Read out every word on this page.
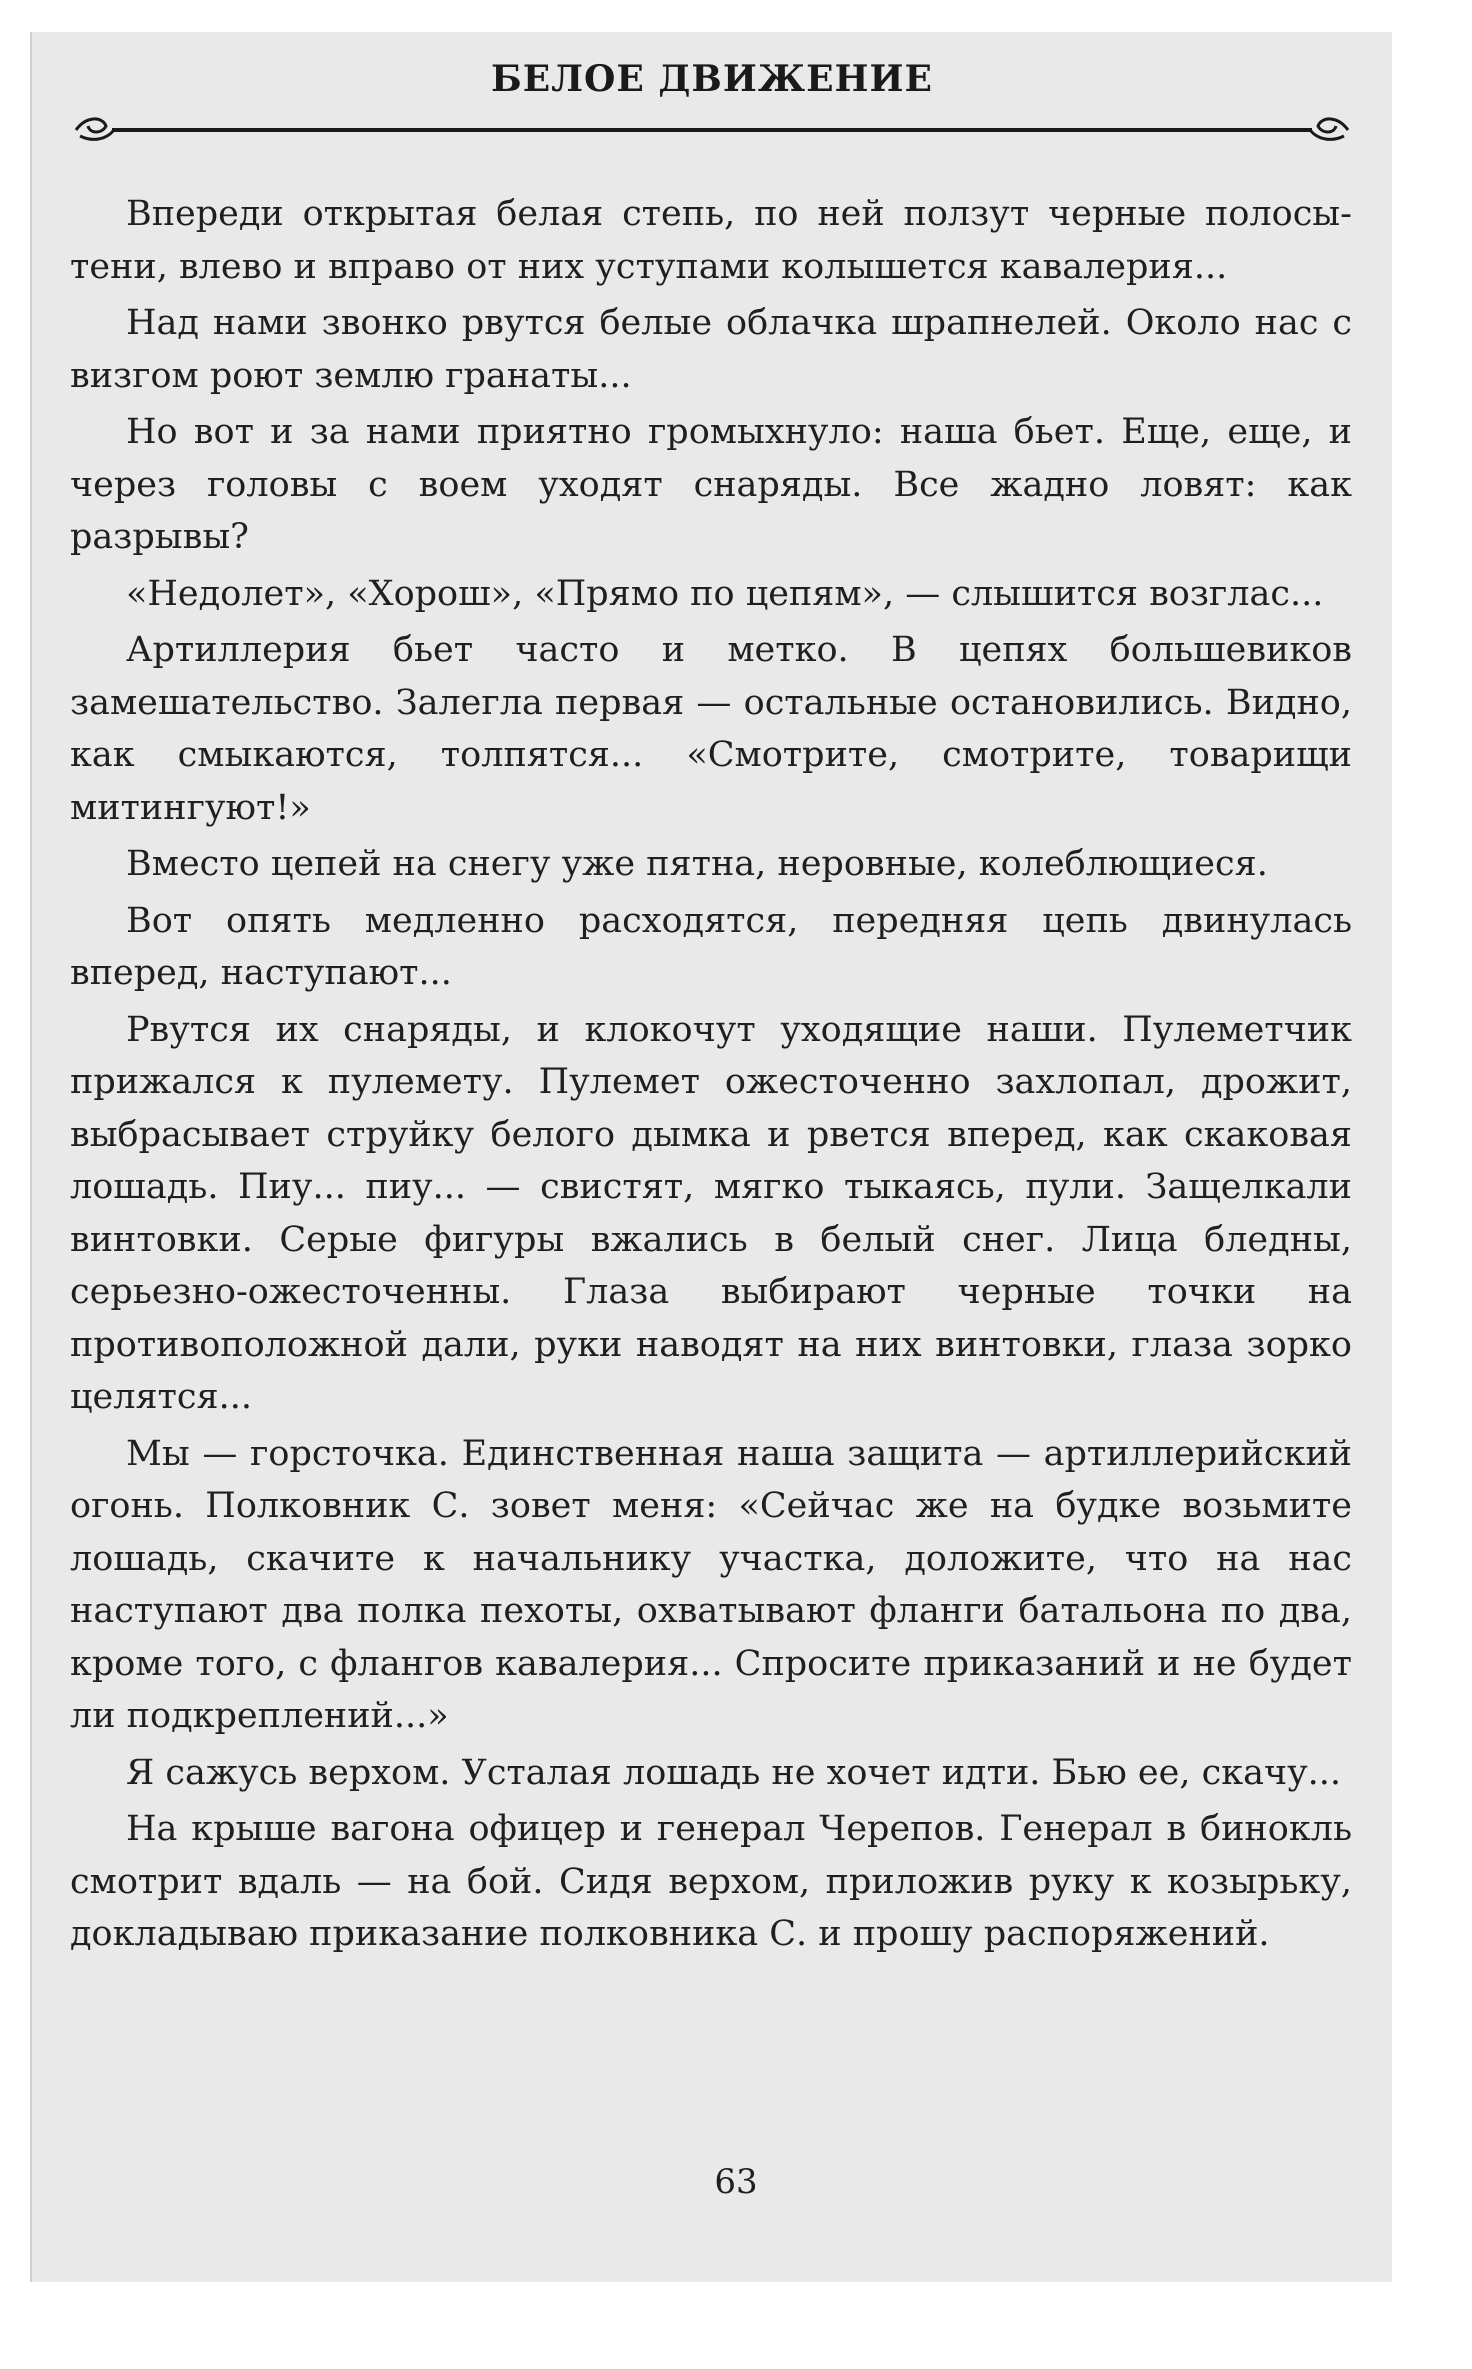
БЕЛОЕ ДВИЖЕНИЕ

Впереди открытая белая степь, по ней ползут черные полосы-тени, влево и вправо от них уступами колышется кавалерия...

Над нами звонко рвутся белые облачка шрапнелей. Около нас с визгом роют землю гранаты...

Но вот и за нами приятно громыхнуло: наша бьет. Еще, еще, и через головы с воем уходят снаряды. Все жадно ловят: как разрывы?

«Недолет», «Хорош», «Прямо по цепям», — слышится возглас...

Артиллерия бьет часто и метко. В цепях большевиков замешательство. Залегла первая — остальные остановились. Видно, как смыкаются, толпятся... «Смотрите, смотрите, товарищи митингуют!»

Вместо цепей на снегу уже пятна, неровные, колеблющиеся.

Вот опять медленно расходятся, передняя цепь двинулась вперед, наступают...

Рвутся их снаряды, и клокочут уходящие наши. Пулеметчик прижался к пулемету. Пулемет ожесточенно захлопал, дрожит, выбрасывает струйку белого дымка и рвется вперед, как скаковая лошадь. Пиу... пиу... — свистят, мягко тыкаясь, пули. Защелкали винтовки. Серые фигуры вжались в белый снег. Лица бледны, серьезно-ожесточенны. Глаза выбирают черные точки на противоположной дали, руки наводят на них винтовки, глаза зорко целятся...

Мы — горсточка. Единственная наша защита — артиллерийский огонь. Полковник С. зовет меня: «Сейчас же на будке возьмите лошадь, скачите к начальнику участка, доложите, что на нас наступают два полка пехоты, охватывают фланги батальона по два, кроме того, с флангов кавалерия... Спросите приказаний и не будет ли подкреплений...»

Я сажусь верхом. Усталая лошадь не хочет идти. Бью ее, скачу...

На крыше вагона офицер и генерал Черепов. Генерал в бинокль смотрит вдаль — на бой. Сидя верхом, приложив руку к козырьку, докладываю приказание полковника С. и прошу распоряжений.

63
